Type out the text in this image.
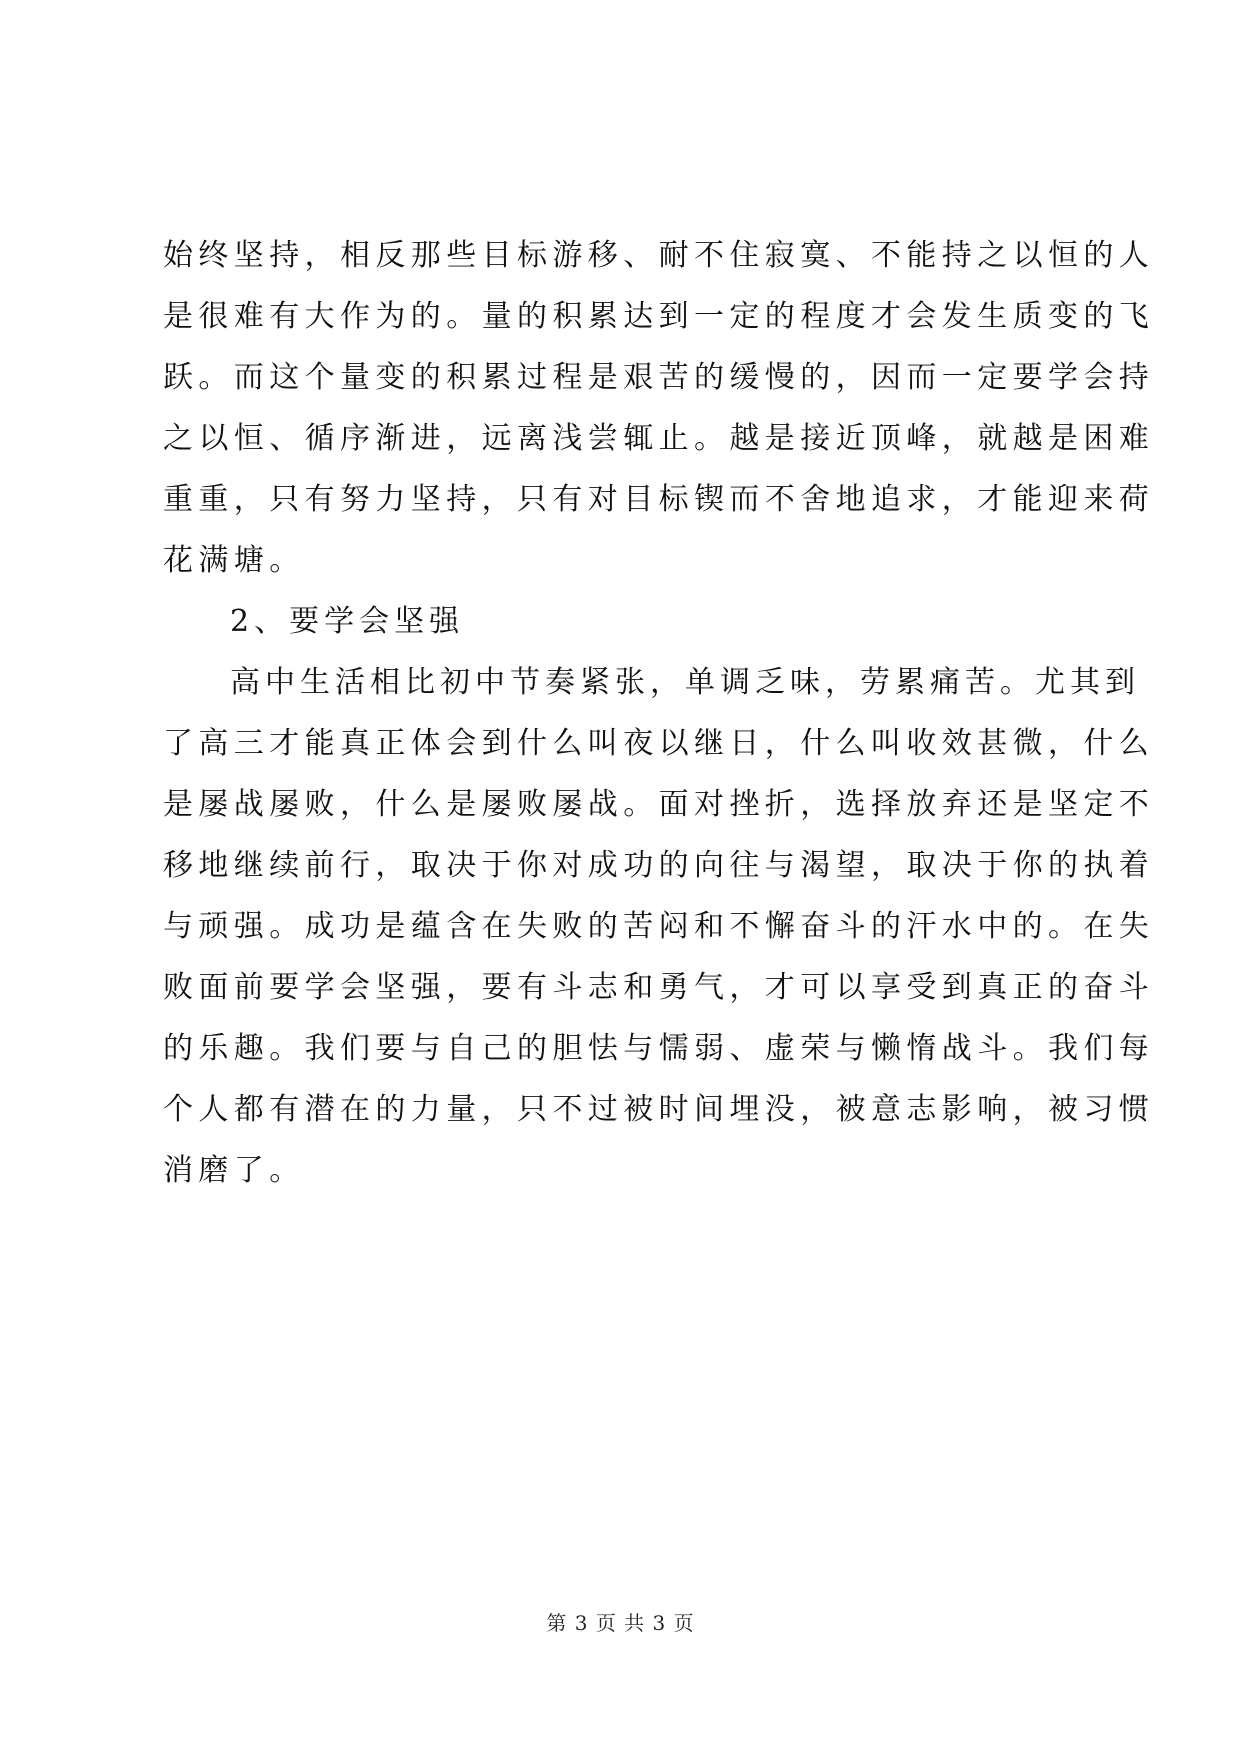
始终坚持，相反那些目标游移、耐不住寂寞、不能持之以恒的人
是很难有大作为的。量的积累达到一定的程度才会发生质变的飞
跃。而这个量变的积累过程是艰苦的缓慢的，因而一定要学会持
之以恒、循序渐进，远离浅尝辄止。越是接近顶峰，就越是困难
重重，只有努力坚持，只有对目标锲而不舍地追求，才能迎来荷
花满塘。
2、要学会坚强
高中生活相比初中节奏紧张，单调乏味，劳累痛苦。尤其到
了高三才能真正体会到什么叫夜以继日，什么叫收效甚微，什么
是屡战屡败，什么是屡败屡战。面对挫折，选择放弃还是坚定不
移地继续前行，取决于你对成功的向往与渴望，取决于你的执着
与顽强。成功是蕴含在失败的苦闷和不懈奋斗的汗水中的。在失
败面前要学会坚强，要有斗志和勇气，才可以享受到真正的奋斗
的乐趣。我们要与自己的胆怯与懦弱、虚荣与懒惰战斗。我们每
个人都有潜在的力量，只不过被时间埋没，被意志影响，被习惯
消磨了。
第 3 页 共 3 页
